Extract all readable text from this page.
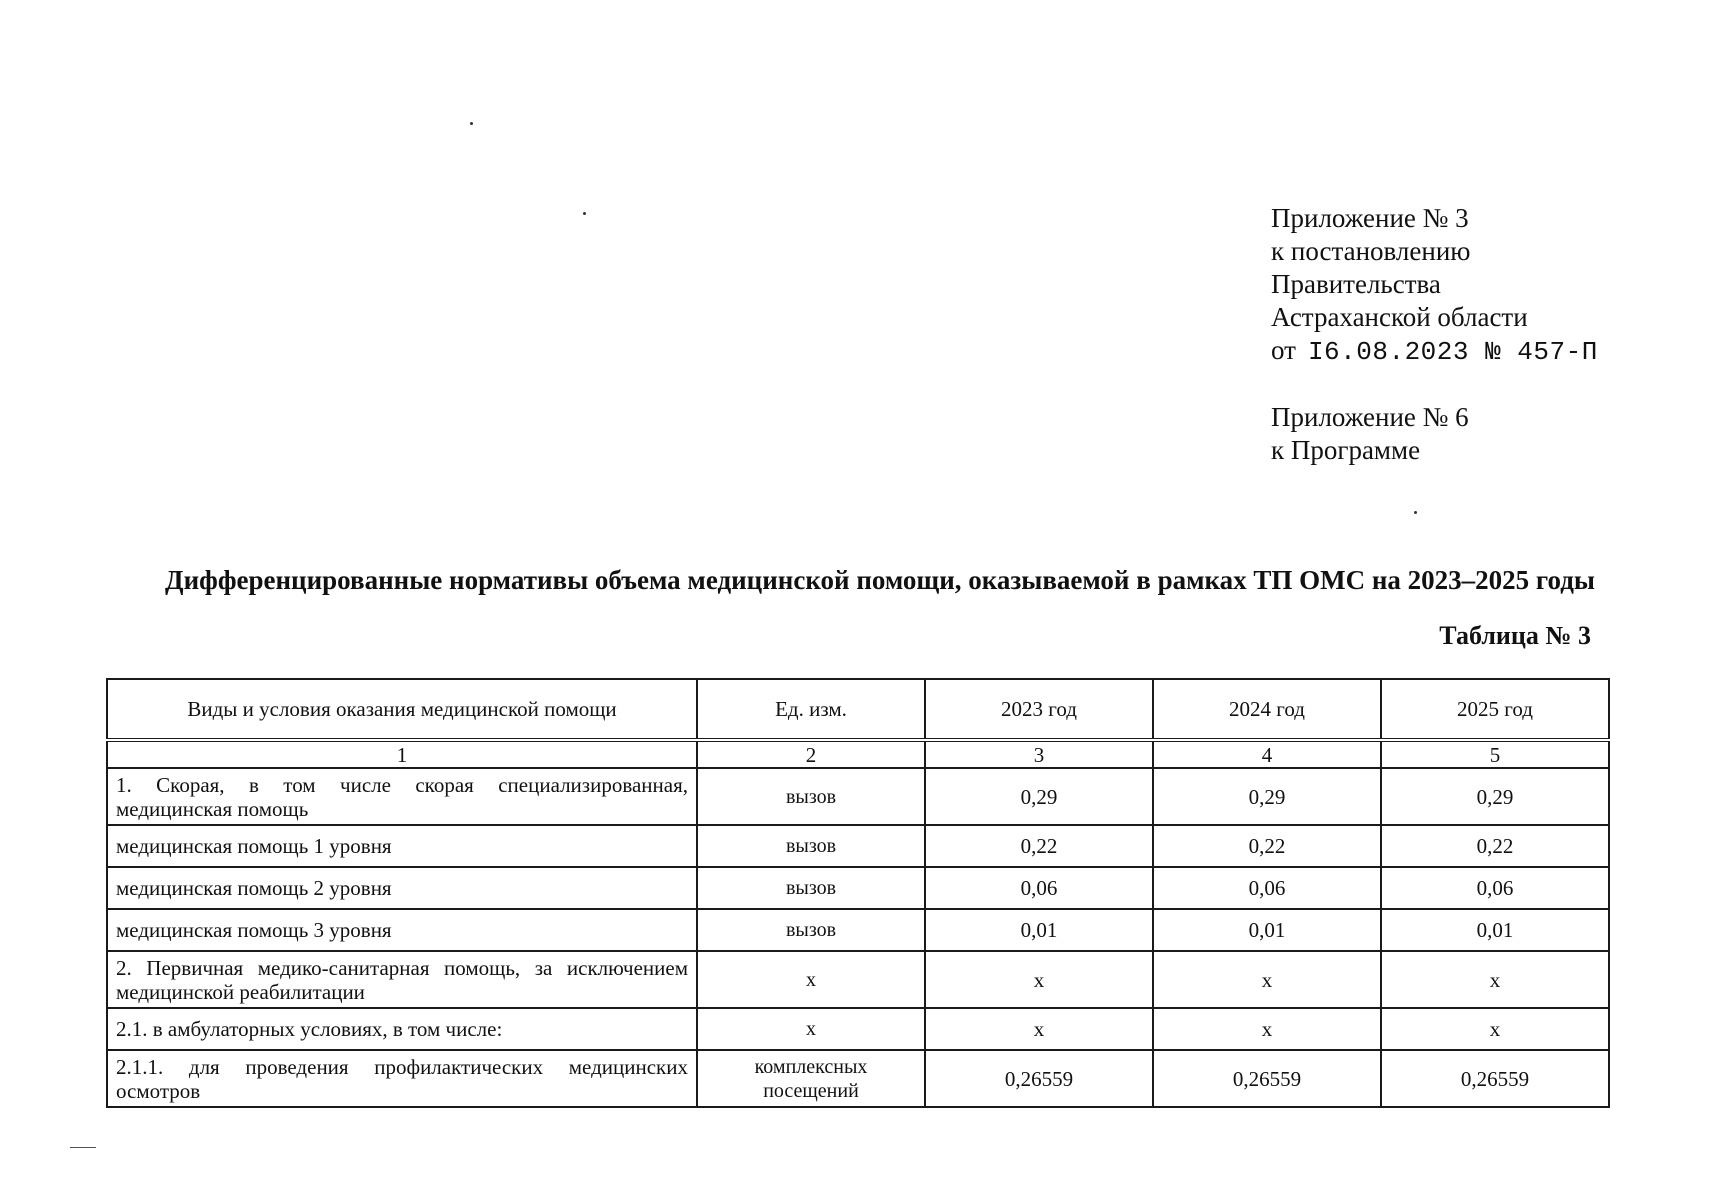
Приложение № 3
к постановлению
Правительства
Астраханской области
от I6.08.2023 № 457-П
Приложение № 6
к Программе
Дифференцированные нормативы объема медицинской помощи, оказываемой в рамках ТП ОМС на 2023–2025 годы
Таблица № 3
Виды и условия оказания медицинской помощи	Ед. изм.	2023 год	2024 год	2025 год
1	2	3	4	5
1. Скорая, в том числе скорая специализированная, медицинская помощь	вызов	0,29	0,29	0,29
медицинская помощь 1 уровня	вызов	0,22	0,22	0,22
медицинская помощь 2 уровня	вызов	0,06	0,06	0,06
медицинская помощь 3 уровня	вызов	0,01	0,01	0,01
2. Первичная медико-санитарная помощь, за исключением медицинской реабилитации	х	х	х	х
2.1. в амбулаторных условиях, в том числе:	х	х	х	х
2.1.1. для проведения профилактических медицинских осмотров	комплексных посещений	0,26559	0,26559	0,26559
